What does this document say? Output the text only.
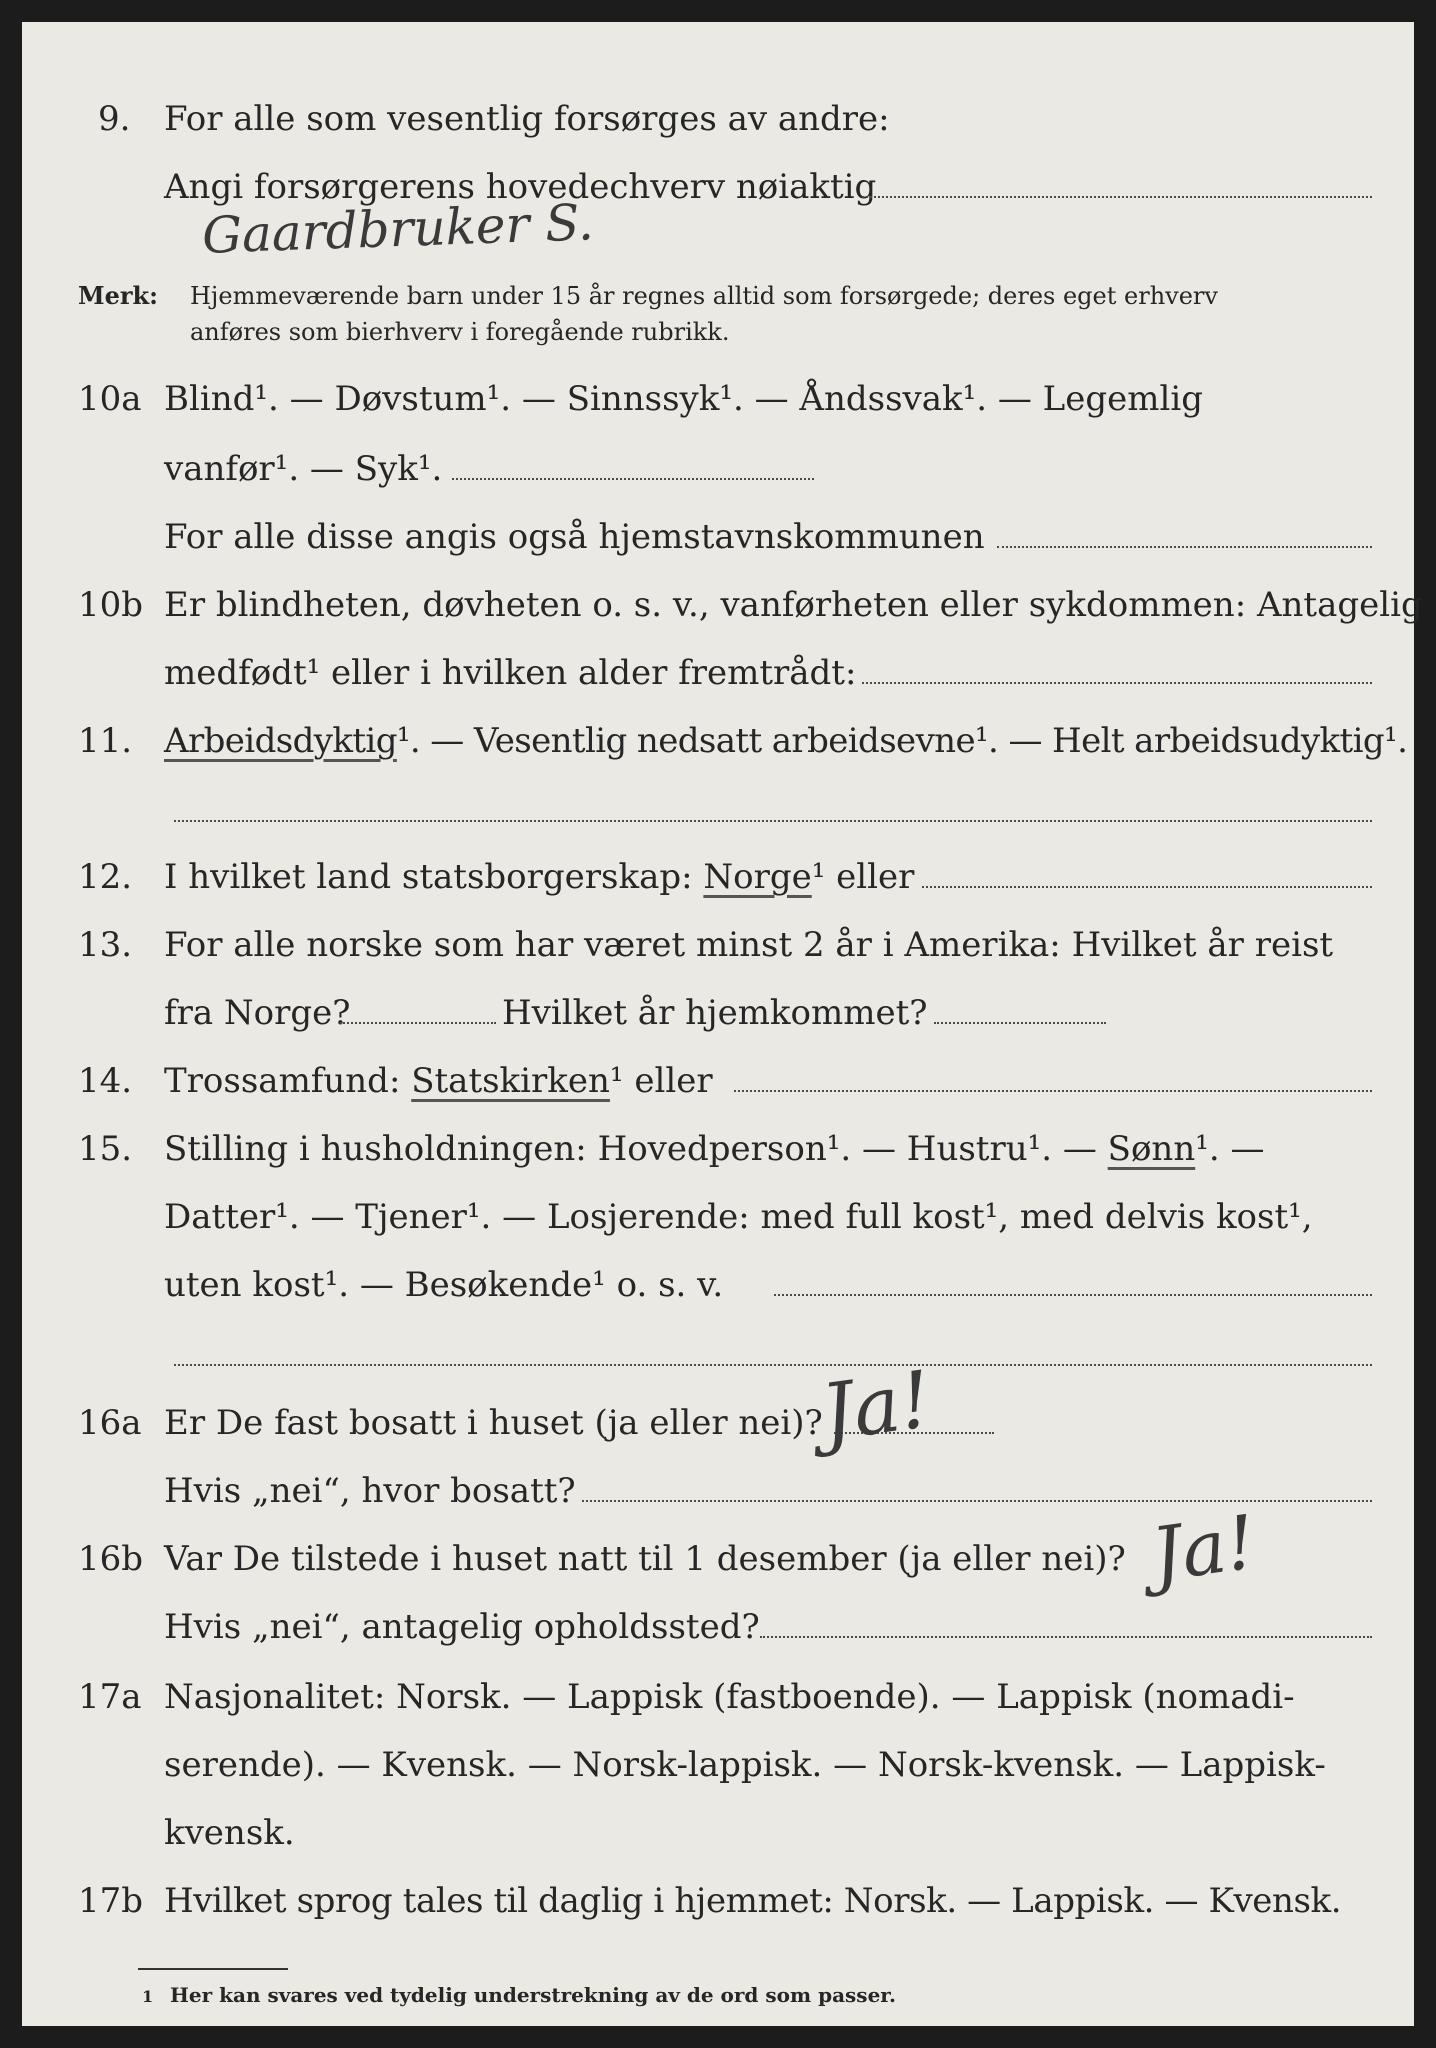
9. For alle som vesentlig forsørges av andre:
Angi forsørgerens hovedechverv nøiaktig
Gaardbruker S.
Merk: Hjemmeværende barn under 15 år regnes alltid som forsørgede; deres eget erhverv
anføres som bierhverv i foregående rubrikk.
10a Blind¹. — Døvstum¹. — Sinnssyk¹. — Åndssvak¹. — Legemlig
vanfør¹. — Syk¹.
For alle disse angis også hjemstavnskommunen
10b Er blindheten, døvheten o. s. v., vanførheten eller sykdommen: Antagelig
medfødt¹ eller i hvilken alder fremtrådt:
11. Arbeidsdyktig¹. — Vesentlig nedsatt arbeidsevne¹. — Helt arbeidsudyktig¹.
12. I hvilket land statsborgerskap: Norge¹ eller
13. For alle norske som har været minst 2 år i Amerika: Hvilket år reist
fra Norge?	Hvilket år hjemkommet?
14. Trossamfund: Statskirken¹ eller
15. Stilling i husholdningen: Hovedperson¹. — Hustru¹. — Sønn¹. —
Datter¹. — Tjener¹. — Losjerende: med full kost¹, med delvis kost¹,
uten kost¹. — Besøkende¹ o. s. v.
16a Er De fast bosatt i huset (ja eller nei)?
Ja!
Hvis „nei“, hvor bosatt?
16b Var De tilstede i huset natt til 1 desember (ja eller nei)? Ja!
Hvis „nei“, antagelig opholdssted?
17a Nasjonalitet: Norsk. — Lappisk (fastboende). — Lappisk (nomadi-
serende). — Kvensk. — Norsk-lappisk. — Norsk-kvensk. — Lappisk-
kvensk.
17b Hvilket sprog tales til daglig i hjemmet: Norsk. — Lappisk. — Kvensk.
1 Her kan svares ved tydelig understrekning av de ord som passer.
